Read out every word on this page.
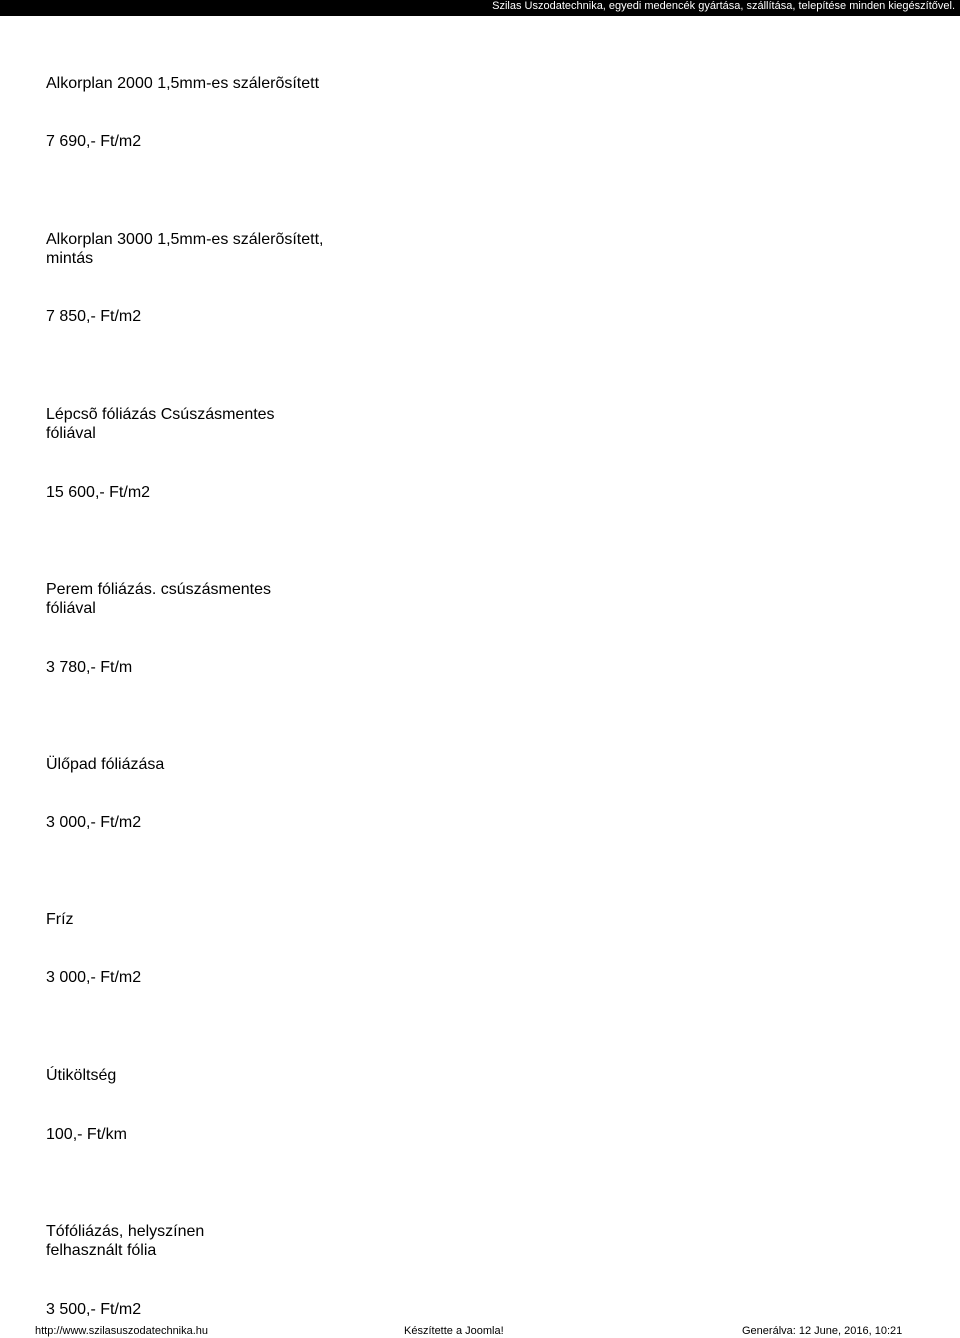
Szilas Uszodatechnika, egyedi medencék gyártása, szállítása, telepítése minden kiegészítővel.
Alkorplan 2000 1,5mm-es szálerõsített
7 690,- Ft/m2
Alkorplan 3000 1,5mm-es szálerõsített,
mintás
7 850,- Ft/m2
Lépcsõ fóliázás Csúszásmentes
fóliával
15 600,- Ft/m2
Perem fóliázás. csúszásmentes
fóliával
3 780,- Ft/m
Ülőpad fóliázása
3 000,- Ft/m2
Fríz
3 000,- Ft/m2
Útiköltség
100,- Ft/km
Tófóliázás, helyszínen
felhasznált fólia
3 500,- Ft/m2
http://www.szilasuszodatechnika.hu	Készítette a Joomla!	Generálva: 12 June, 2016, 10:21
